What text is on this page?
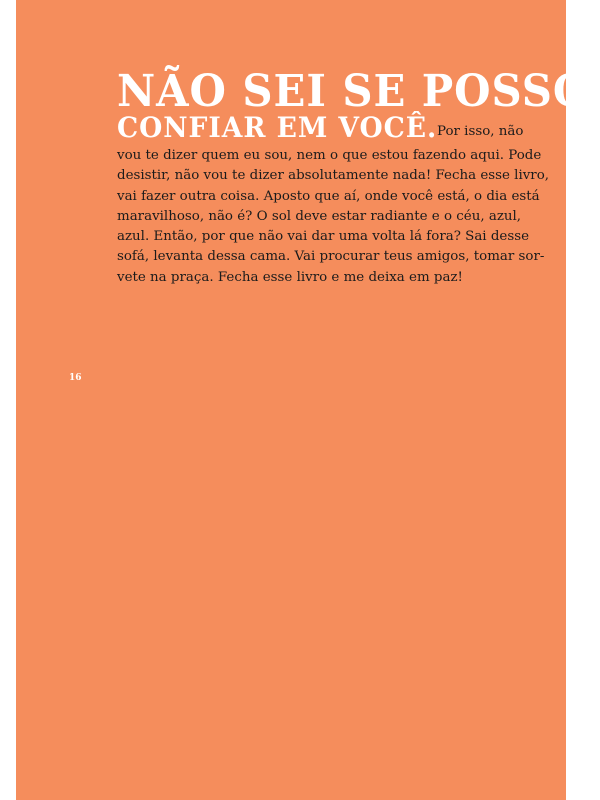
NÃO SEI SE POSSO
CONFIAR EM VOCÊ. Por isso, não
vou te dizer quem eu sou, nem o que estou fazendo aqui. Pode
desistir, não vou te dizer absolutamente nada! Fecha esse livro,
vai fazer outra coisa. Aposto que aí, onde você está, o dia está
maravilhoso, não é? O sol deve estar radiante e o céu, azul,
azul. Então, por que não vai dar uma volta lá fora? Sai desse
sofá, levanta dessa cama. Vai procurar teus amigos, tomar sor-
vete na praça. Fecha esse livro e me deixa em paz!
16
